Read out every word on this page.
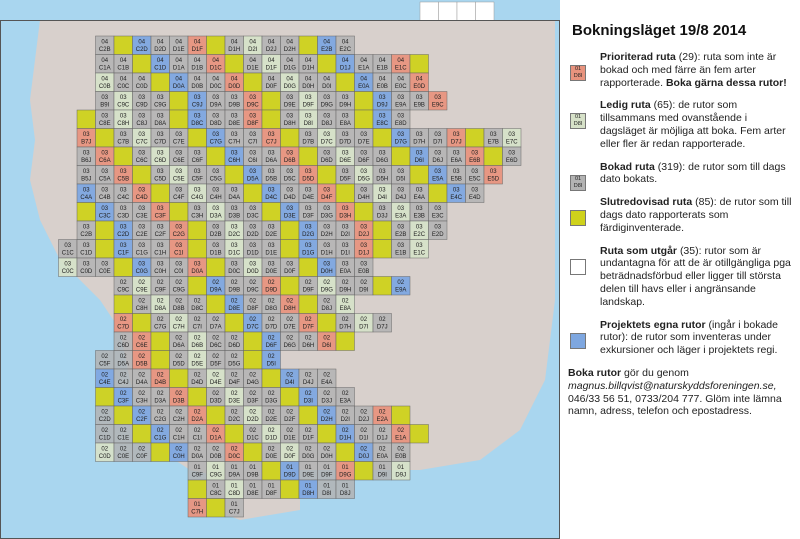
04
C2B
04
C2D
04
D2D
04
D1E
04
D1F
04
D1H
04
D2I
04
D2J
04
D2H
04
E2B
04
E2C
04
C1A
04
C1B
04
C1D
04
D1A
04
D1B
04
D1C
04
D1E
04
D1F
04
D1G
04
D1H
04
D1J
04
E1A
04
E1B
04
E1C
04
C0B
04
C0C
04
C0D
04
D0A
04
D0B
04
D0C
04
D0D
04
D0F
04
D0G
04
D0H
04
D0I
04
E0A
04
E0B
04
E0C
04
E0D
03
B9I
03
C9C
03
C9D
03
C9G
03
C9J
03
D9A
03
D9B
03
D9C
03
D9E
03
D9F
03
D9G
03
D9H
03
D9J
03
E9A
03
E9B
03
E9C
03
C8E
03
C8H
03
C8J
03
D8A
03
D8C
03
D8D
03
D8E
03
D8F
03
D8H
03
D8I
03
D8J
03
E8A
03
E8C
03
E8D
03
B7J
03
C7B
03
C7C
03
C7D
03
C7E
03
C7G
03
C7H
03
C7I
03
C7J
03
D7B
03
D7C
03
D7D
03
D7E
03
D7G
03
D7H
03
D7I
03
D7J
03
E7B
03
E7C
03
B6J
03
C6A
03
C6C
03
C6D
03
C6E
03
C6F
03
C6H
03
C6I
03
D6A
03
D6B
03
D6D
03
D6E
03
D6F
03
D6G
03
D6I
03
D6J
03
E6A
03
E6B
03
E6D
03
B5J
03
C5A
03
C5B
03
C5D
03
C5E
03
C5F
03
C5G
03
D5A
03
D5B
03
D5C
03
D5D
03
D5F
03
D5G
03
D5H
03
D5I
03
E5A
03
E5B
03
E5C
03
E5D
03
C4A
03
C4B
03
C4C
03
C4D
03
C4F
03
C4G
03
C4H
03
D4A
03
D4C
03
D4D
03
D4E
03
D4F
03
D4H
03
D4I
03
D4J
03
E4A
03
E4C
03
E4D
03
C3C
03
C3D
03
C3E
03
C3F
03
C3H
03
D3A
03
D3B
03
D3C
03
D3E
03
D3F
03
D3G
03
D3H
03
D3J
03
E3A
03
E3B
03
E3C
03
C2B
03
C2D
03
C2E
03
C2F
03
C2G
03
D2B
03
D2C
03
D2D
03
D2E
03
D2G
03
D2H
03
D2I
03
D2J
03
E2B
03
E2C
03
E2D
03
C1C
03
C1D
03
C1F
03
C1G
03
C1H
03
C1I
03
D1B
03
D1C
03
D1D
03
D1E
03
D1G
03
D1H
03
D1I
03
D1J
03
E1B
03
E1C
03
C0C
03
C0D
03
C0E
03
C0G
03
C0H
03
C0I
03
D0A
03
D0C
03
D0D
03
D0E
03
D0F
03
D0H
03
E0A
03
E0B
02
C9C
02
C9E
02
C9F
02
C9G
02
D9A
02
D9B
02
D9C
02
D9D
02
D9F
02
D9G
02
D9H
02
D9I
02
E9A
02
C8H
02
D8A
02
D8B
02
D8C
02
D8E
02
D8F
02
D8G
02
D8H
02
D8J
02
E8A
02
C7D
02
C7G
02
C7H
02
C7I
02
D7A
02
D7C
02
D7D
02
D7E
02
D7F
02
D7H
02
D7I
02
D7J
02
C6D
02
C6E
02
D6A
02
D6B
02
D6C
02
D6D
02
D6F
02
D6G
02
D6H
02
D6I
02
C5F
02
D5A
02
D5B
02
D5D
02
D5E
02
D5F
02
D5G
02
D5I
02
C4E
02
C4J
02
D4A
02
D4B
02
D4D
02
D4E
02
D4F
02
D4G
02
D4I
02
D4J
02
E4A
02
C3F
02
C3H
02
D3A
02
D3B
02
D3D
02
D3E
02
D3F
02
D3G
02
D3I
02
D3J
02
E3A
02
C2D
02
C2F
02
C2G
02
C2H
02
D2A
02
D2C
02
D2D
02
D2E
02
D2F
02
D2H
02
D2I
02
D2J
02
E2A
02
C1D
02
C1E
02
C1G
02
C1H
02
C1I
02
D1A
02
D1C
02
D1D
02
D1E
02
D1F
02
D1H
02
D1I
02
D1J
02
E1A
02
C0D
02
C0E
02
C0F
02
C0H
02
D0A
02
D0B
02
D0C
02
D0E
02
D0F
02
D0G
02
D0H
02
D0J
02
E0A
02
E0B
01
C9F
01
C9G
01
D9A
01
D9B
01
D9D
01
D9E
01
D9F
01
D9G
01
D9I
01
D9J
01
C8C
01
C8D
01
D8E
01
D8F
01
D8H
01
D8I
01
D8J
01
C7H
01
C7J
Bokningsläget 19/8 2014
01
D8I
Prioriterad ruta (29): ruta som inte är bokad och med färre än fem arter rapporterade. Boka gärna dessa rutor!
01
D8I
Ledig ruta (65): de rutor som tillsammans med ovanstående i dagsläget är möjliga att boka. Fem arter eller fler är redan rapporterade.
01
D8I
Bokad ruta (319): de rutor som till dags dato bokats.
Slutredovisad ruta (85): de rutor som till dags dato rapporterats som färdiginventerade.
Ruta som utgår (35): rutor som är undantagna för att de är otillgängliga pga beträdnadsförbud eller ligger till största delen till havs eller i angränsande landskap.
Projektets egna rutor (ingår i bokade rutor): de rutor som inventeras under exkursioner och läger i projektets regi.
Boka rutor gör du genom magnus.billqvist@naturskyddsforeningen.se, 046/33 56 51, 0733/204 777. Glöm inte lämna namn, adress, telefon och epostadress.
